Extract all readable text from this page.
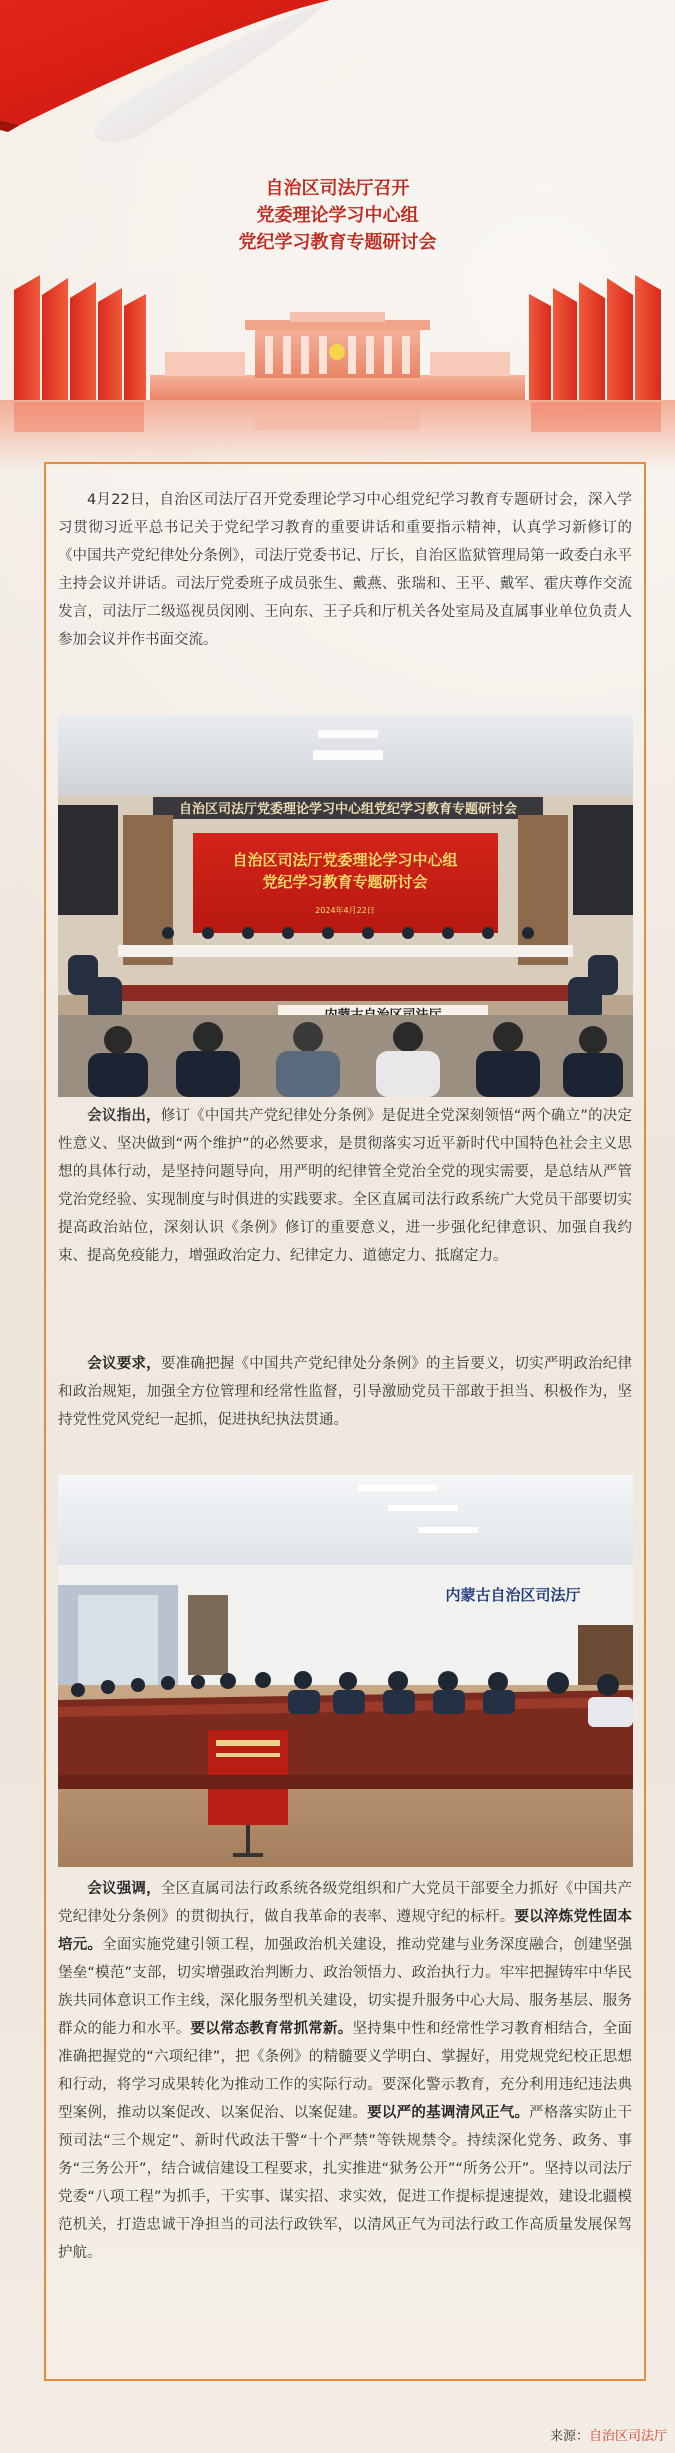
自治区司法厅召开
党委理论学习中心组
党纪学习教育专题研讨会

4月22日，自治区司法厅召开党委理论学习中心组党纪学习教育专题研讨会，深入学习贯彻习近平总书记关于党纪学习教育的重要讲话和重要指示精神，认真学习新修订的《中国共产党纪律处分条例》，司法厅党委书记、厅长，自治区监狱管理局第一政委白永平主持会议并讲话。司法厅党委班子成员张生、戴燕、张瑞和、王平、戴军、霍庆尊作交流发言，司法厅二级巡视员闵刚、王向东、王子兵和厅机关各处室局及直属事业单位负责人参加会议并作书面交流。

自治区司法厅党委理论学习中心组党纪学习教育专题研讨会
自治区司法厅党委理论学习中心组
党纪学习教育专题研讨会
2024年4月22日

会议指出，修订《中国共产党纪律处分条例》是促进全党深刻领悟“两个确立”的决定性意义、坚决做到“两个维护”的必然要求，是贯彻落实习近平新时代中国特色社会主义思想的具体行动，是坚持问题导向，用严明的纪律管全党治全党的现实需要，是总结从严管党治党经验、实现制度与时俱进的实践要求。全区直属司法行政系统广大党员干部要切实提高政治站位，深刻认识《条例》修订的重要意义，进一步强化纪律意识、加强自我约束、提高免疫能力，增强政治定力、纪律定力、道德定力、抵腐定力。

会议要求，要准确把握《中国共产党纪律处分条例》的主旨要义，切实严明政治纪律和政治规矩，加强全方位管理和经常性监督，引导激励党员干部敢于担当、积极作为，坚持党性党风党纪一起抓，促进执纪执法贯通。

内蒙古自治区司法厅

会议强调，全区直属司法行政系统各级党组织和广大党员干部要全力抓好《中国共产党纪律处分条例》的贯彻执行，做自我革命的表率、遵规守纪的标杆。要以淬炼党性固本培元。全面实施党建引领工程，加强政治机关建设，推动党建与业务深度融合，创建坚强堡垒“模范”支部，切实增强政治判断力、政治领悟力、政治执行力。牢牢把握铸牢中华民族共同体意识工作主线，深化服务型机关建设，切实提升服务中心大局、服务基层、服务群众的能力和水平。要以常态教育常抓常新。坚持集中性和经常性学习教育相结合，全面准确把握党的“六项纪律”，把《条例》的精髓要义学明白、掌握好，用党规党纪校正思想和行动，将学习成果转化为推动工作的实际行动。要深化警示教育，充分利用违纪违法典型案例，推动以案促改、以案促治、以案促建。要以严的基调清风正气。严格落实防止干预司法“三个规定”、新时代政法干警“十个严禁”等铁规禁令。持续深化党务、政务、事务“三务公开”，结合诚信建设工程要求，扎实推进“狱务公开”“所务公开”。坚持以司法厅党委“八项工程”为抓手，干实事、谋实招、求实效，促进工作提标提速提效，建设北疆模范机关，打造忠诚干净担当的司法行政铁军，以清风正气为司法行政工作高质量发展保驾护航。

来源：自治区司法厅
